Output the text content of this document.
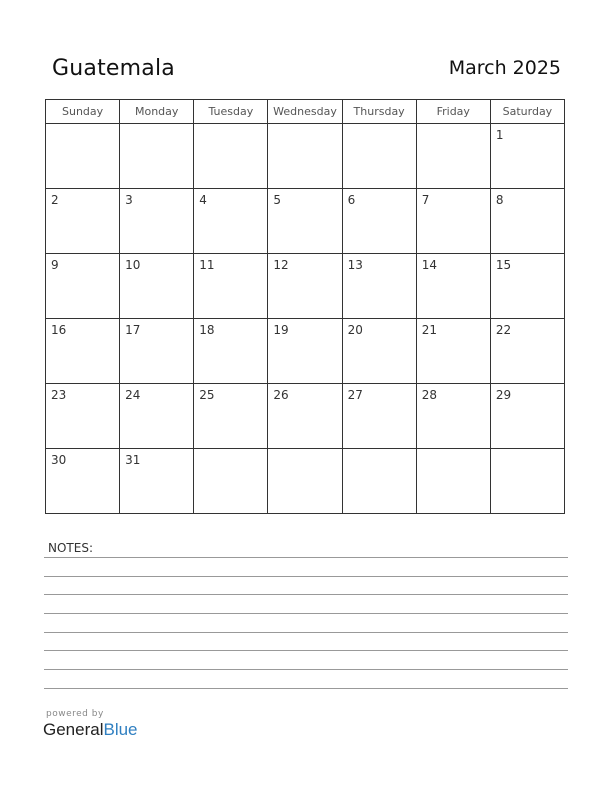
Guatemala	March 2025
Sunday	Monday	Tuesday	Wednesday	Thursday	Friday	Saturday

						1

2	3	4	5	6	7	8

9	10	11	12	13	14	15

16	17	18	19	20	21	22

23	24	25	26	27	28	29

30	31					

NOTES:
powered by
GeneralBlue
